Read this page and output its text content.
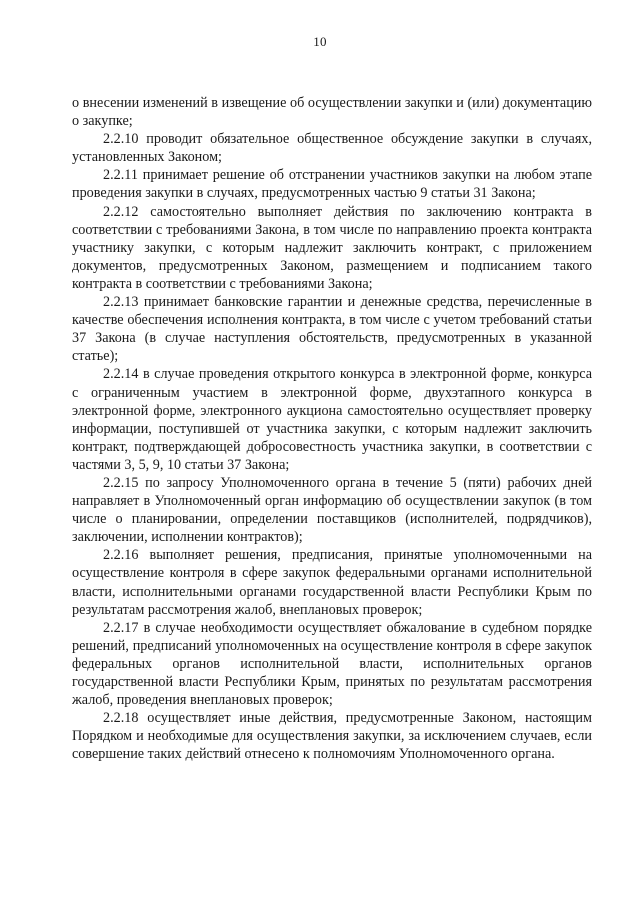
10

о внесении изменений в извещение об осуществлении закупки и (или) документацию о закупке;

2.2.10 проводит обязательное общественное обсуждение закупки в случаях, установленных Законом;

2.2.11 принимает решение об отстранении участников закупки на любом этапе проведения закупки в случаях, предусмотренных частью 9 статьи 31 Закона;

2.2.12 самостоятельно выполняет действия по заключению контракта в соответствии с требованиями Закона, в том числе по направлению проекта контракта участнику закупки, с которым надлежит заключить контракт, с приложением документов, предусмотренных Законом, размещением и подписанием такого контракта в соответствии с требованиями Закона;

2.2.13 принимает банковские гарантии и денежные средства, перечисленные в качестве обеспечения исполнения контракта, в том числе с учетом требований статьи 37 Закона (в случае наступления обстоятельств, предусмотренных в указанной статье);

2.2.14 в случае проведения открытого конкурса в электронной форме, конкурса с ограниченным участием в электронной форме, двухэтапного конкурса в электронной форме, электронного аукциона самостоятельно осуществляет проверку информации, поступившей от участника закупки, с которым надлежит заключить контракт, подтверждающей добросовестность участника закупки, в соответствии с частями 3, 5, 9, 10 статьи 37 Закона;

2.2.15 по запросу Уполномоченного органа в течение 5 (пяти) рабочих дней направляет в Уполномоченный орган информацию об осуществлении закупок (в том числе о планировании, определении поставщиков (исполнителей, подрядчиков), заключении, исполнении контрактов);

2.2.16 выполняет решения, предписания, принятые уполномоченными на осуществление контроля в сфере закупок федеральными органами исполнительной власти, исполнительными органами государственной власти Республики Крым по результатам рассмотрения жалоб, внеплановых проверок;

2.2.17 в случае необходимости осуществляет обжалование в судебном порядке решений, предписаний уполномоченных на осуществление контроля в сфере закупок федеральных органов исполнительной власти, исполнительных органов государственной власти Республики Крым, принятых по результатам рассмотрения жалоб, проведения внеплановых проверок;

2.2.18 осуществляет иные действия, предусмотренные Законом, настоящим Порядком и необходимые для осуществления закупки, за исключением случаев, если совершение таких действий отнесено к полномочиям Уполномоченного органа.
